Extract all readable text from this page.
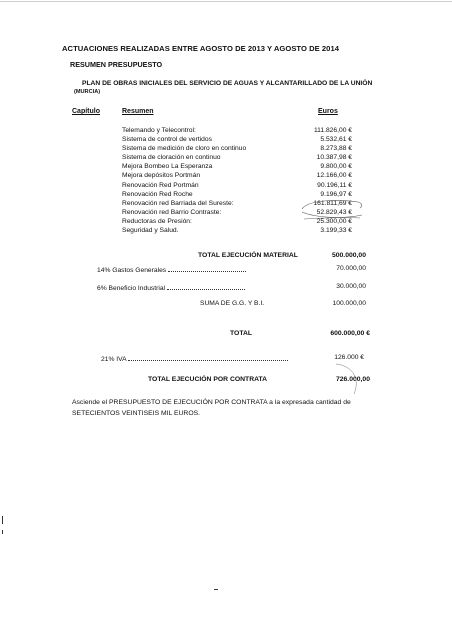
ACTUACIONES REALIZADAS ENTRE AGOSTO DE 2013 Y AGOSTO DE 2014
RESUMEN PRESUPUESTO
PLAN DE OBRAS INICIALES DEL SERVICIO DE AGUAS Y ALCANTARILLADO DE LA UNIÓN
(MURCIA)
Capítulo	Resumen	Euros
Telemando y Telecontrol:	111.826,00 €
Sistema de control de vertidos	5.532,61 €
Sistema de medición de cloro en continuo	8.273,88 €
Sistema de cloración en continuo	10.387,98 €
Mejora Bombeo La Esperanza	9.800,00 €
Mejora depósitos Portmán	12.166,00 €
Renovación Red Portmán	90.196,11 €
Renovación Red Roche	9.196,97 €
Renovación red Barriada del Sureste:	161.811,69 €
Renovación red Barrio Contraste:	52.829,43 €
Reductoras de Presión:	25.300,00 €
Seguridad y Salud.	3.199,33 €
TOTAL EJECUCIÓN MATERIAL	500.000,00
14% Gastos Generales	70.000,00
6% Beneficio Industrial	30.000,00
SUMA DE G.G. Y B.I.	100.000,00
TOTAL	600.000,00 €
21% IVA	126.000 €
TOTAL EJECUCIÓN POR CONTRATA	726.000,00
Asciende el PRESUPUESTO DE EJECUCIÓN POR CONTRATA a la expresada cantidad de
SETECIENTOS VEINTISEIS MIL EUROS.
